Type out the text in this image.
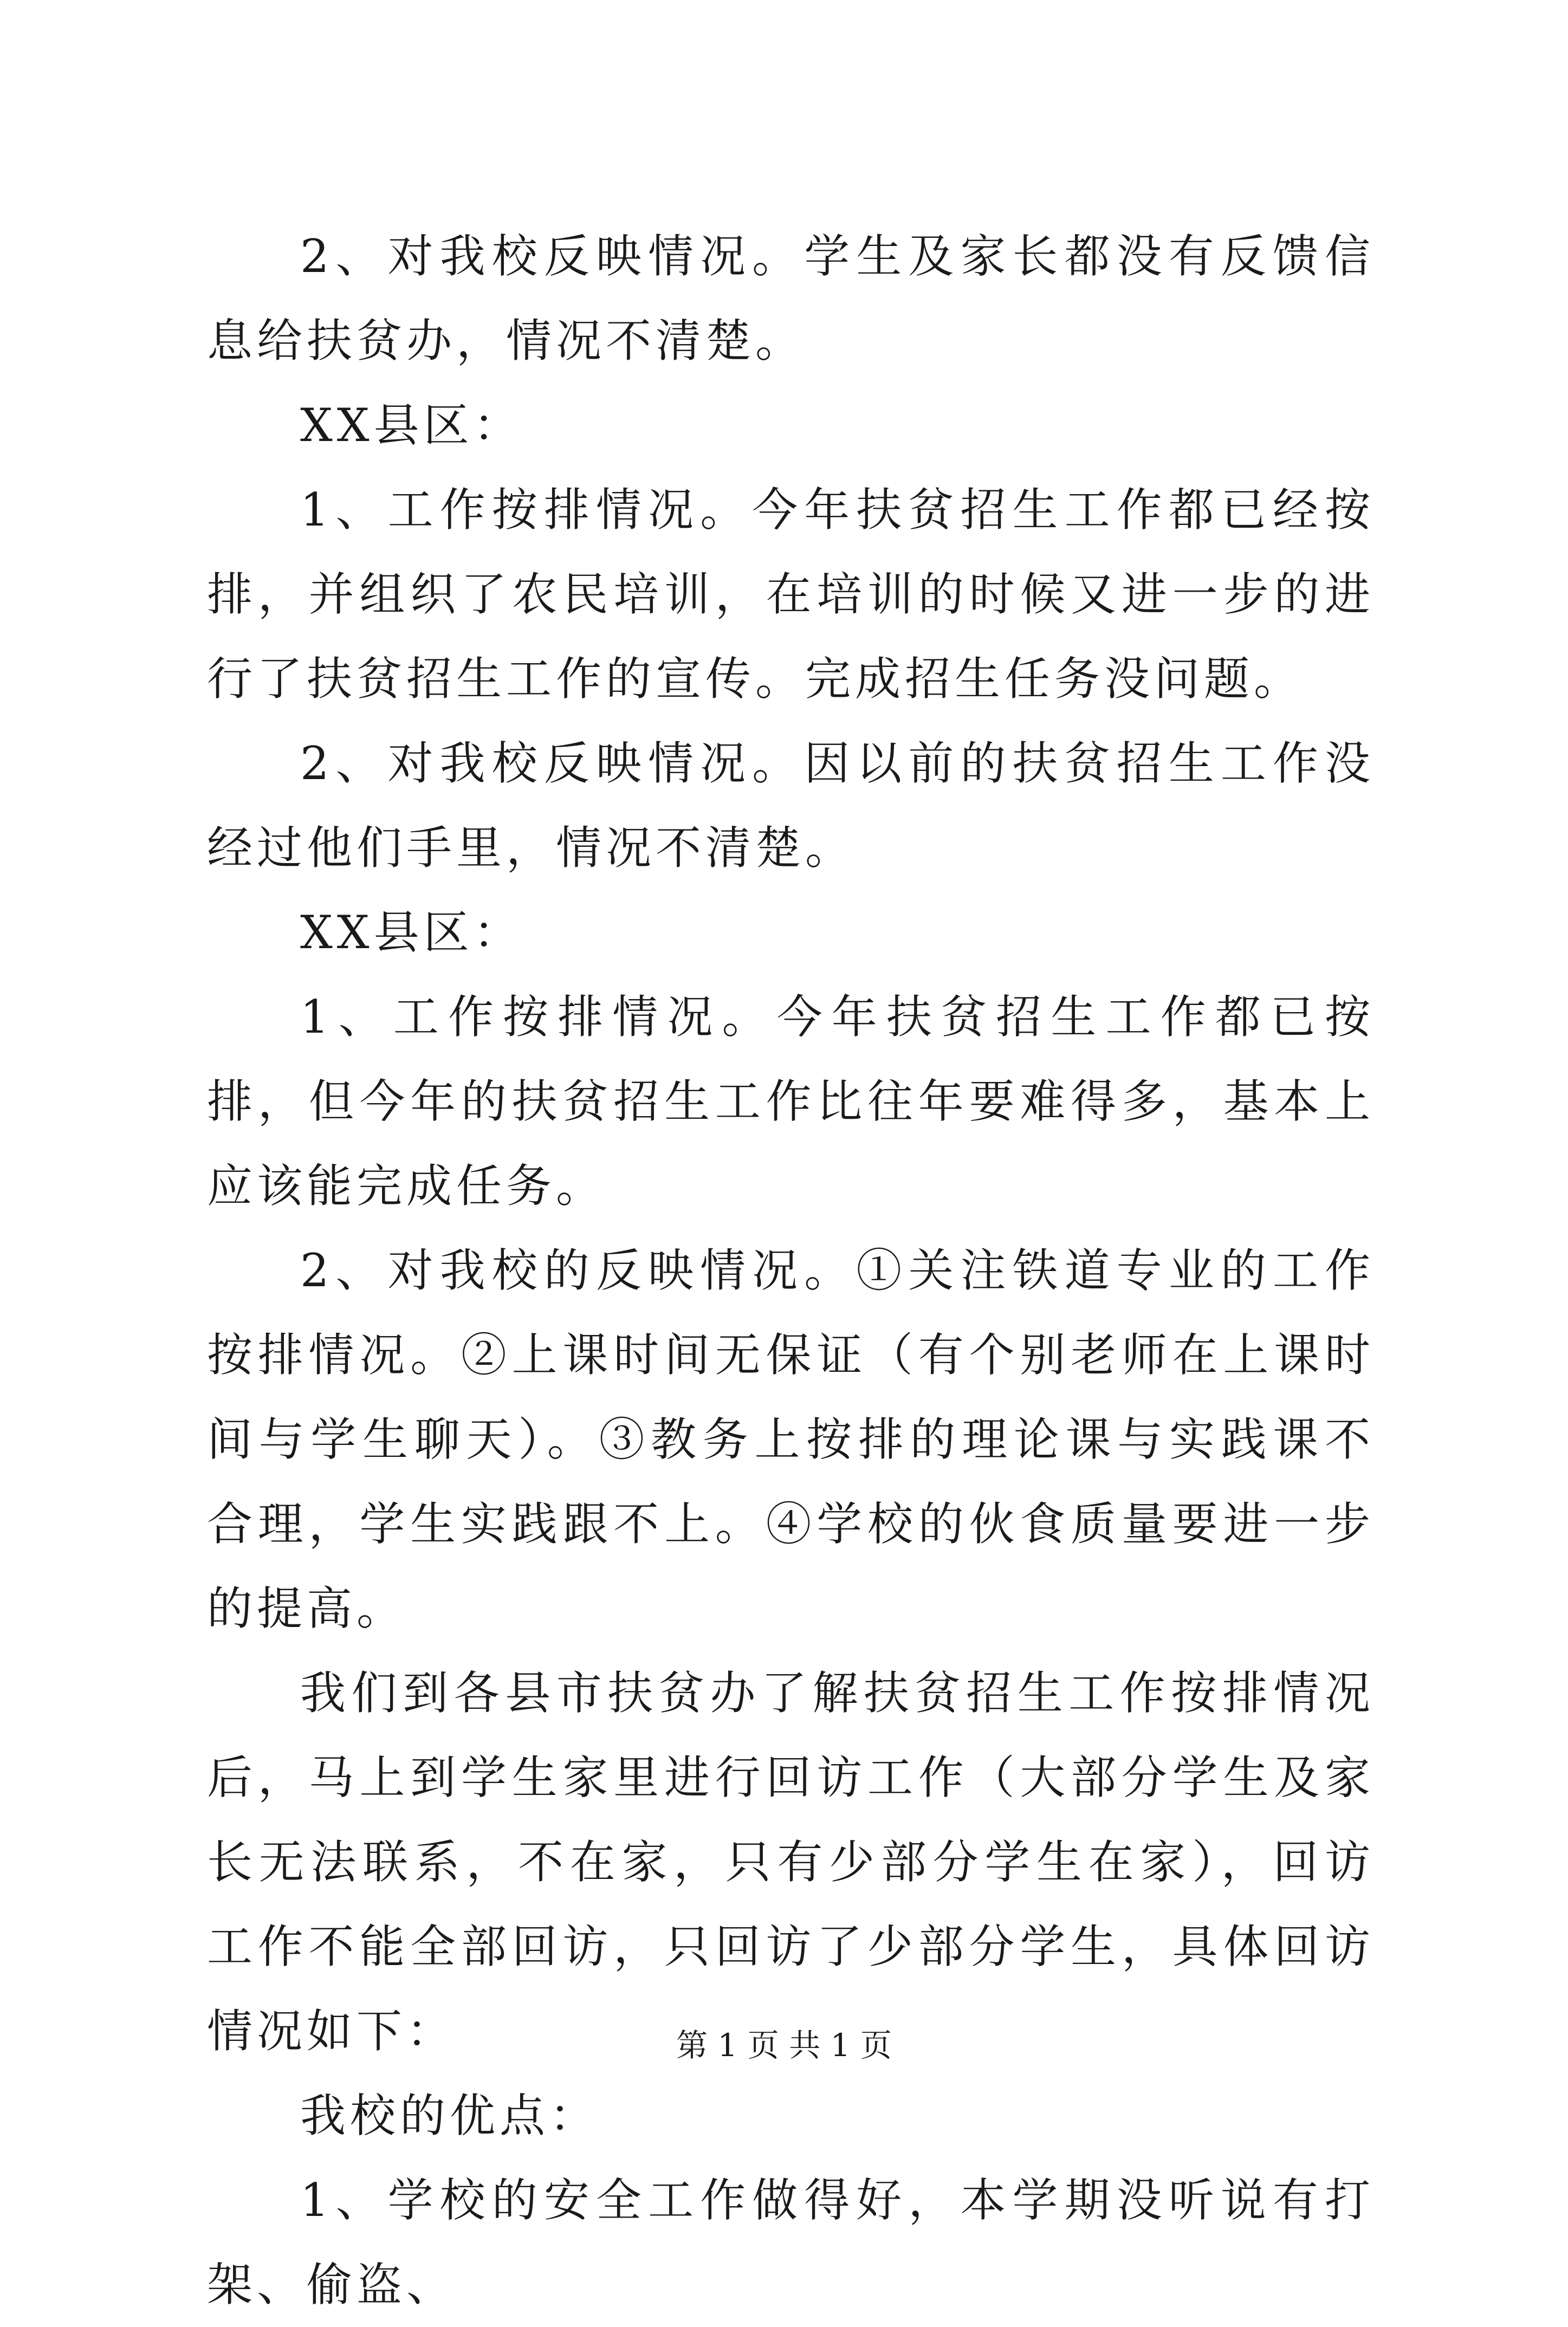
2、对我校反映情况。学生及家长都没有反馈信息给扶贫办，情况不清楚。

XX县区：

1、工作按排情况。今年扶贫招生工作都已经按排，并组织了农民培训，在培训的时候又进一步的进行了扶贫招生工作的宣传。完成招生任务没问题。

2、对我校反映情况。因以前的扶贫招生工作没经过他们手里，情况不清楚。

XX县区：

1、工作按排情况。今年扶贫招生工作都已按排，但今年的扶贫招生工作比往年要难得多，基本上应该能完成任务。

2、对我校的反映情况。①关注铁道专业的工作按排情况。②上课时间无保证（有个别老师在上课时间与学生聊天）。③教务上按排的理论课与实践课不合理，学生实践跟不上。④学校的伙食质量要进一步的提高。

我们到各县市扶贫办了解扶贫招生工作按排情况后，马上到学生家里进行回访工作（大部分学生及家长无法联系，不在家，只有少部分学生在家），回访工作不能全部回访，只回访了少部分学生，具体回访情况如下：

我校的优点：

1、学校的安全工作做得好，本学期没听说有打架、偷盗、

第 1 页 共 1 页
